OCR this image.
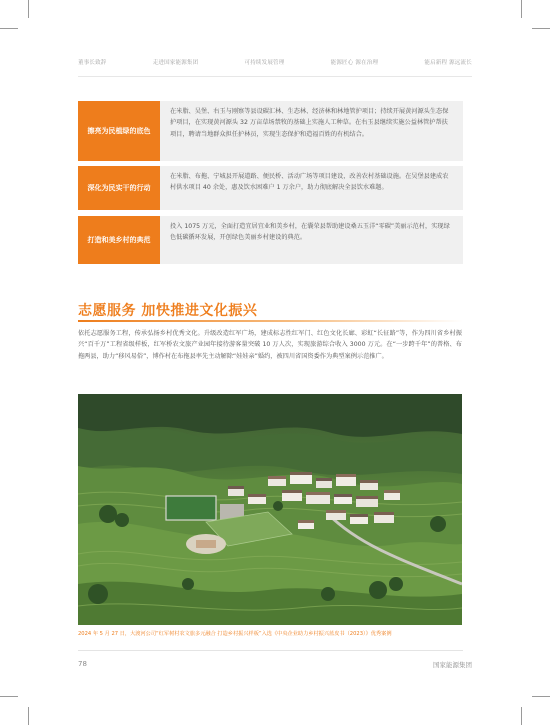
董事长致辞	走进国家能源集团	可持续发展管理	能源匠心 源在治理	能启新程 源远流长
擦亮为民植绿的底色
在米脂、吴堡、右玉与刚察等县设碳汇林、生态林、经济林和林地管护项目；持续开展黄河源头生态保护项目，在实现黄河源头 32 万亩草场禁牧的基础上实施人工种草。在右玉县继续实施公益林管护帮扶项目，聘请当地群众担任护林员，实现生态保护和造福百姓的有机结合。
深化为民实干的行动
在米脂、布拖、宁城县开展道路、便民桥、活动广场等项目建设，改善农村基础设施。在吴堡县建成农村供水项目 40 余处，惠及饮水困难户 1 万余户，助力彻底解决全县饮水难题。
打造和美乡村的典范
投入 1075 万元，全面打造宜居宜业和美乡村，在囊荣县帮助建设桑五玉洋“零碳”美丽示范村，实现绿色低碳循环发展，开创绿色美丽乡村建设的典范。
志愿服务 加快推进文化振兴
依托志愿服务工程，传承弘扬乡村优秀文化。升级改造红军广场，建成标志性红军门、红色文化长廊、彩虹“长征路”等，作为四川省乡村振兴“百千万”工程省级样板，红军桥农文旅产业园年接待游客量突破 10 万人次，实现旅游综合收入 3000 万元。在“一步跨千年”的普格、布拖两县，助力“移风易俗”，博作村在布拖县率先主动解除“娃娃亲”婚约，被四川省国资委作为典型案例示范推广。
2024 年 5 月 27 日，大渡河公司“红军树村农文旅多元融合 打造乡村振兴样板”入选《中央企业助力乡村振兴蓝皮书（2023）》优秀案例
78	国家能源集团
